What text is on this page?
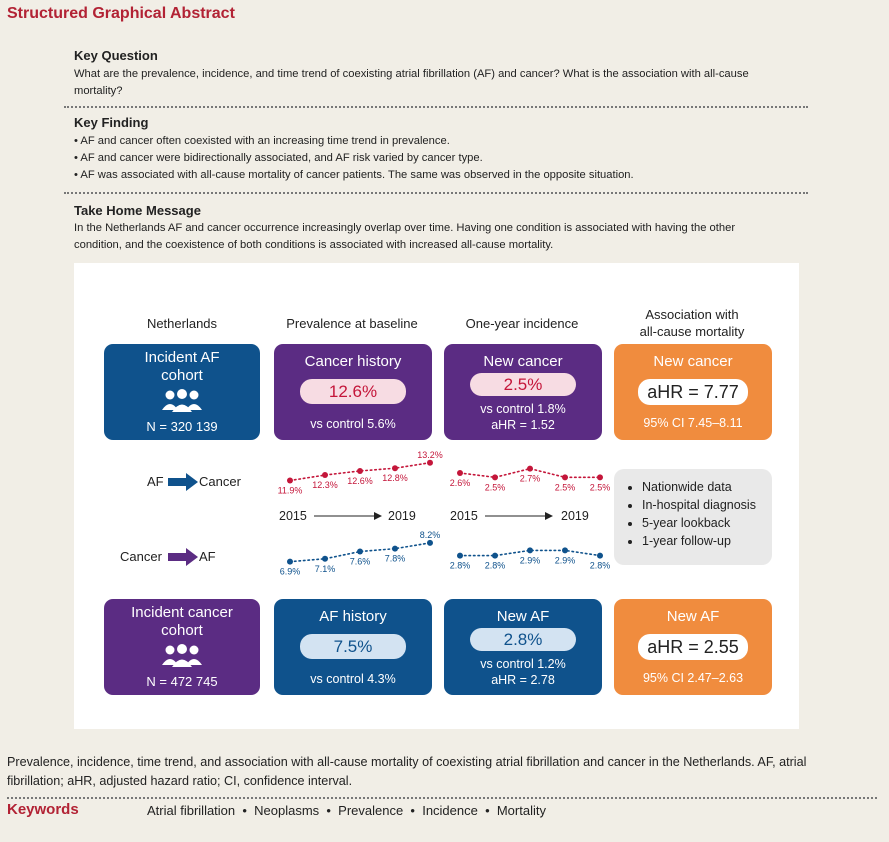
Structured Graphical Abstract
Key Question
What are the prevalence, incidence, and time trend of coexisting atrial fibrillation (AF) and cancer? What is the association with all-cause
mortality?
Key Finding
• AF and cancer often coexisted with an increasing time trend in prevalence.
• AF and cancer were bidirectionally associated, and AF risk varied by cancer type.
• AF was associated with all-cause mortality of cancer patients. The same was observed in the opposite situation.
Take Home Message
In the Netherlands AF and cancer occurrence increasingly overlap over time. Having one condition is associated with having the other
condition, and the coexistence of both conditions is associated with increased all-cause mortality.
Netherlands	Prevalence at baseline	One-year incidence
Association with
all-cause mortality
Incident AF
cohort
N = 320 139
Cancer history
12.6%
vs control 5.6%
New cancer
2.5%
vs control 1.8%
aHR = 1.52
New cancer
aHR = 7.77
95% CI 7.45–8.11
AF	Cancer
Cancer	AF
2015	2019	2015	2019
11.9%
12.3% 12.6% 12.8%
13.2%
2.6% 2.5%
2.7%
2.5% 2.5%
6.9% 7.1%
7.6% 7.8%
8.2%
2.8% 2.8%
2.9% 2.9%
2.8%
• Nationwide data
• In-hospital diagnosis
• 5-year lookback
• 1-year follow-up
Incident cancer
cohort
N = 472 745
AF history
7.5%
vs control 4.3%
New AF
2.8%
vs control 1.2%
aHR = 2.78
New AF
aHR = 2.55
95% CI 2.47–2.63
Prevalence, incidence, time trend, and association with all-cause mortality of coexisting atrial fibrillation and cancer in the Netherlands. AF, atrial
fibrillation; aHR, adjusted hazard ratio; CI, confidence interval.
Keywords	Atrial fibrillation  •  Neoplasms  •  Prevalence  •  Incidence  •  Mortality
